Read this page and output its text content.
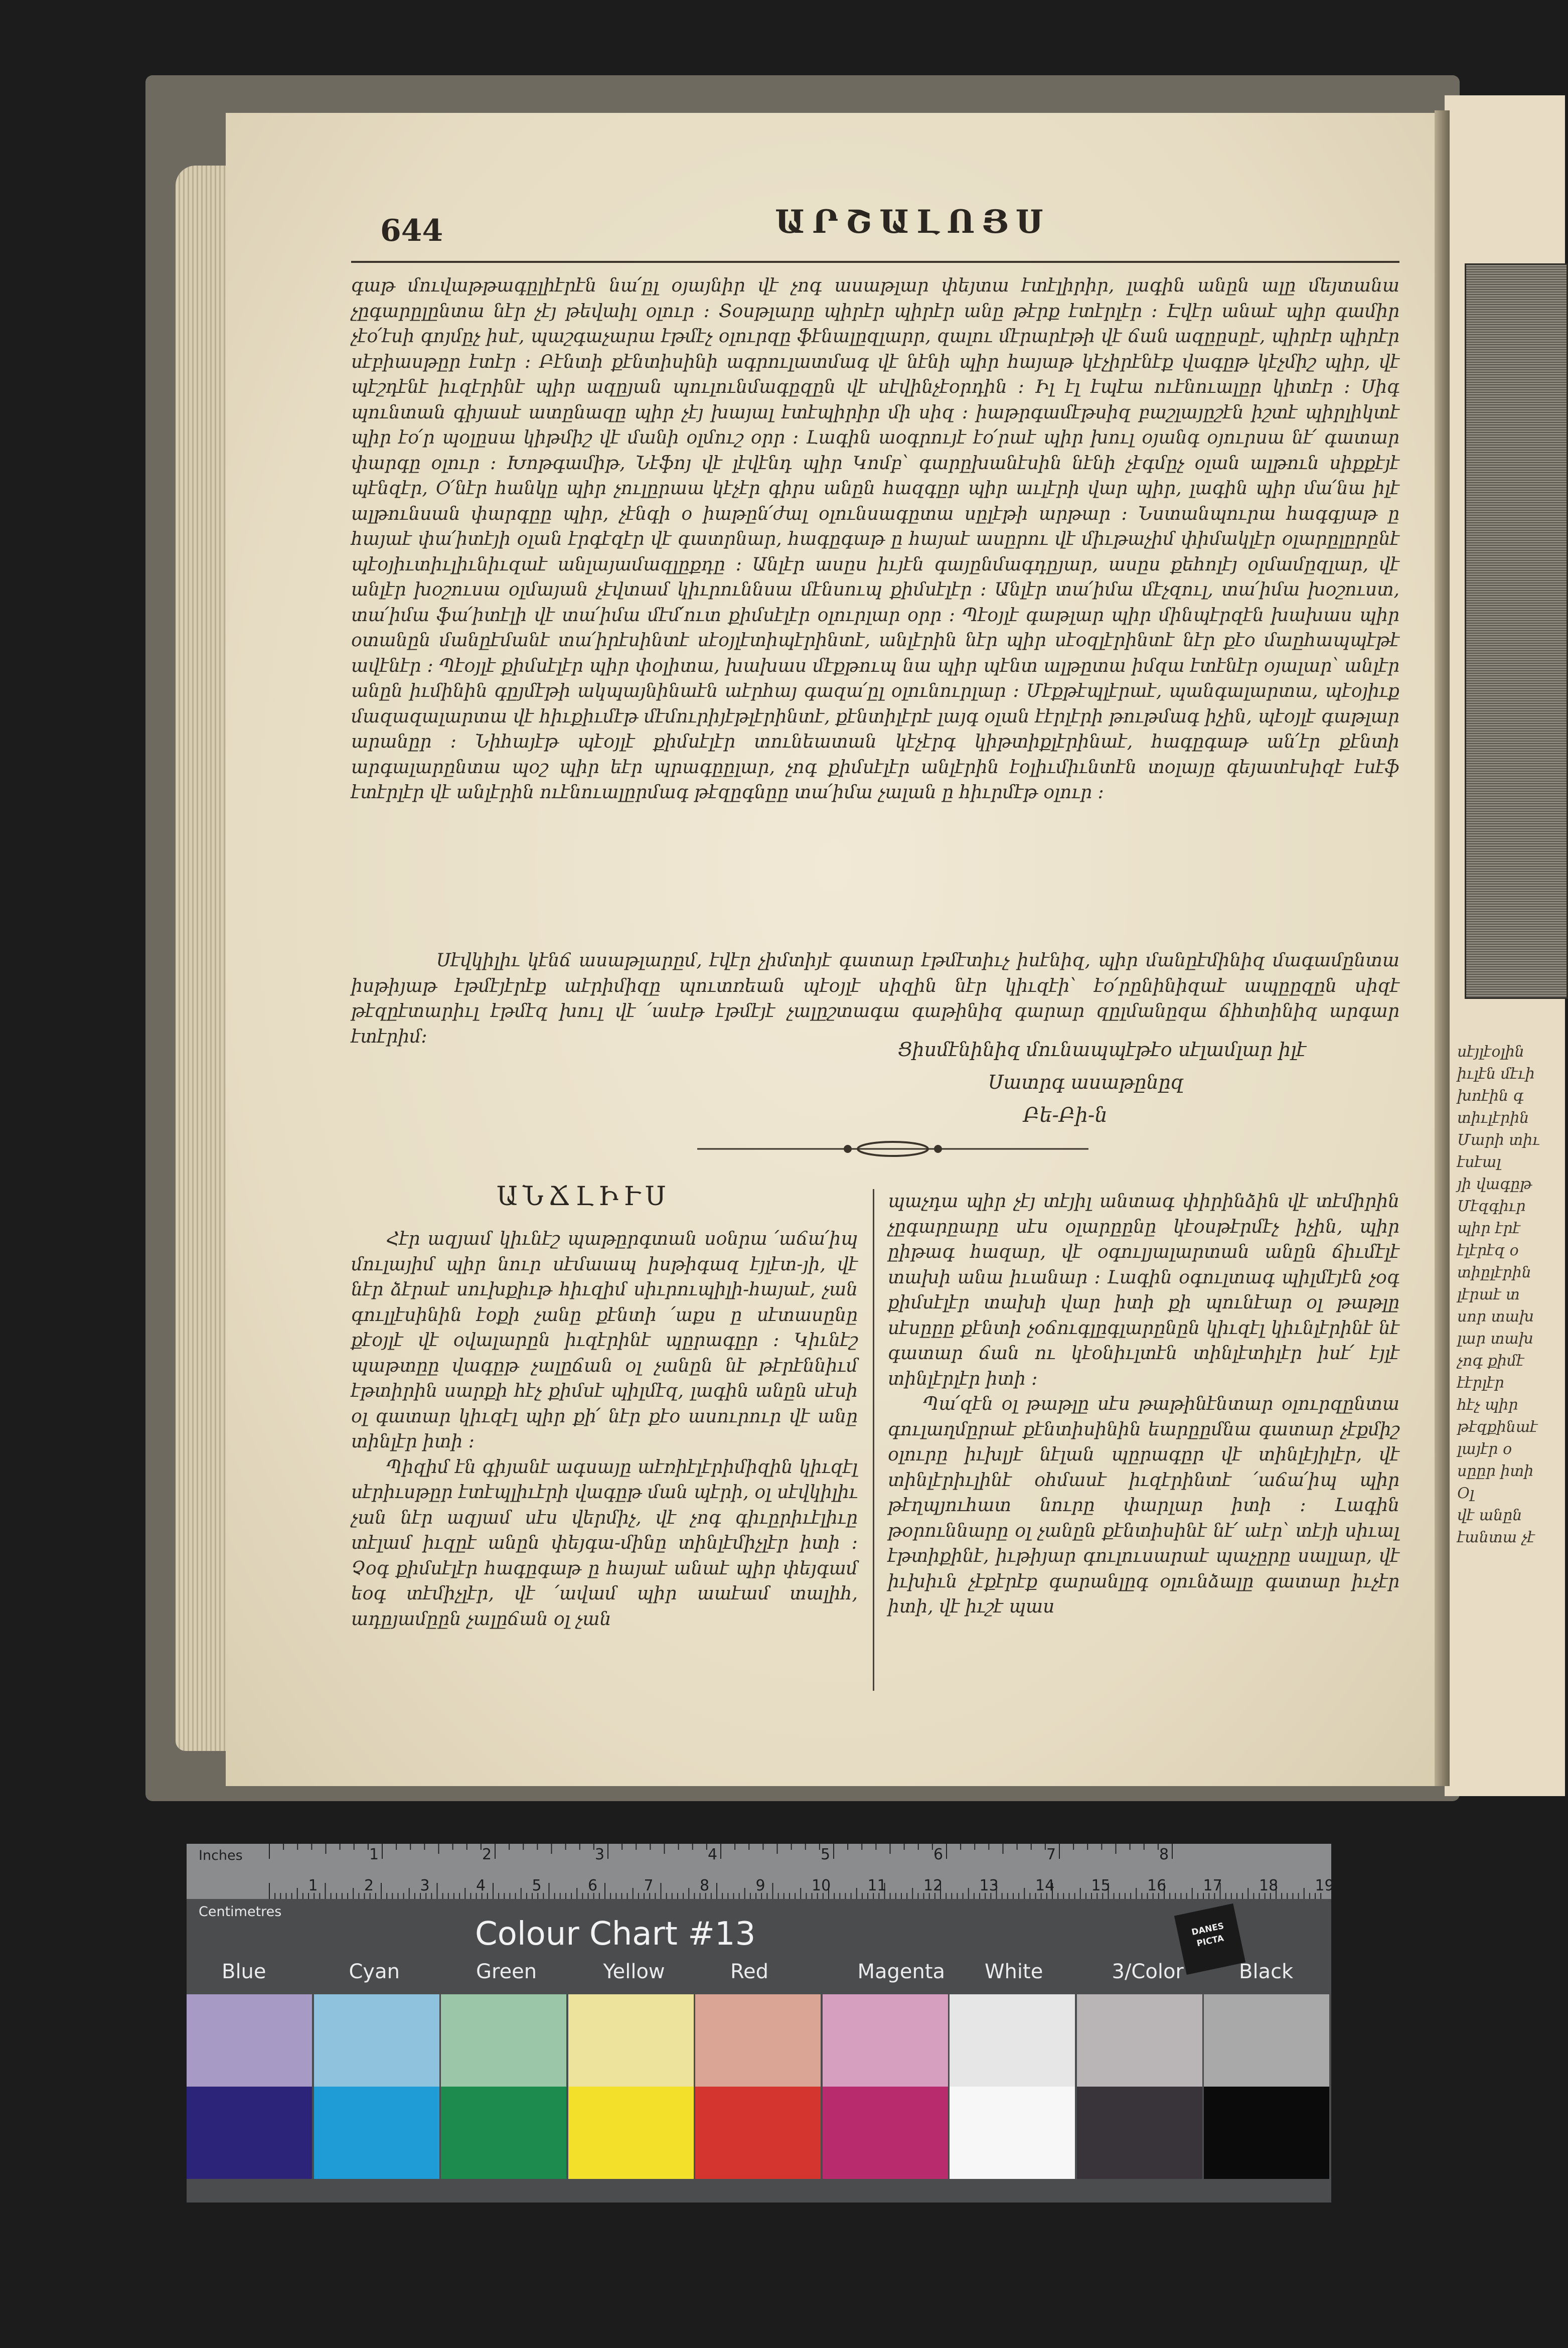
սէյլէօլին
իւլէն մէւի
խոէին գ
տիւլէրին
Մարի տիւ
էսէալ
յի վագըթ
Մէզգիւր
պիր էրէ
էլէրէզ օ
տիըլէրին
լէրաէ տ
սոր տախ
լար տախ
չոգ քիմէ
էէրլէր
հէչ պիր
թէզքինաէ
լայէր օ
սըըր իտի
Օլ
վէ անըն
էանտա չէ
644	ԱՐՇԱԼՈՅՍ

գաթ մուվաթթագըլիէրէն նա՛ըլ օյայնիր վէ չոգ ասաթլար փեյտա էտէլիրիր, լագին անըն ալը մեյտանա չըգարըլընտա նէր չէյ թեվաիլ օլուր ։ Տօսթլարը պիրէր պիրէր անը թէրք էտէրլէր ։ Էվէր անաէ պիր գամիր չէօ՛էսի գոյմըչ իսէ, պաշգաչարա էթմէչ օլուրզը ֆէնալըզլարր, զալու մէրարէթի վէ ճան ազըըսըէ, պիրէր պիրէր սէբիասթըր էտէր ։ Բէնտի քէնտիսինի ագրուլատմագ վէ նէնի պիր հայաթ կէչիրէնէք վագըթ կէչմիշ պիր, վէ պէշդէնէ իւզէրինէ պիր ազըյան պուլունմագըզըն վէ սէվինչէօրդին ։ Իլ էլ էպէա ուէնուալըր կիտէր ։ Սիգ պունտան գիյասէ ատընազը պիր չէյ խայալ էտէպիրիր մի սիզ ։ իաթրգամէթսիզ բաշլայըշէն իշտէ պիրլիկտէ պիր էօ՛ր պօլըսա կիթմիշ վէ մանի օլմուշ օրր ։ Լագին աօգրույէ էօ՛րաէ պիր խուլ օյանգ օյուրսա նէ՛ գատար փարգը օլուր ։ Խոթգամիթ, Նէֆոյ վէ լէվէնդ պիր Կոմբ՝ գարըխանէսին նէնի չէգմըչ օլան ալթուն սիքքէյէ պէնզէր, Օ՛նէր հանկը պիր չուլըրաա կէչէր գիրս անըն հազգըր պիր աւլէրի վար պիր, լագին պիր մա՛նա իլէ ալթունսան փարգըը պիր, չէնգի օ իաթըն՛ժալ օլունսագըտա սըլէթի արթար ։ Նստանպուրա հագգյաթ ը հայաէ փա՛իտէյի օլան էրգէզէր վէ գատրնար, հագըգաթ ը հայաէ ասըրու վէ միւթաչիմ փիմակլէր օլարըլըրընէ պէօյիւտիւլիւնիւզաէ անլայամազլըքդը ։ Անլէր ասըս իւյէն գայընմագդըյար, ասըս քեհոլէյ օլմամըզլար, վէ անլէր խօշուսա օլմայան չէվտամ կիւրուննսա մէնսուպ քիմսէլէր ։ Անլէր տա՛իմա մէչզուլ, տա՛իմա խօշուստ, տա՛իմա ֆա՛իտէլի վէ տա՛իմա մէմ՛ուտ քիմսէլէր օլուրլար օրր ։ Պէօյլէ գաթլար պիր մինպէրզէն խախաս պիր օտանըն մանըէմանէ տա՛իրէսինտէ սէօյլէտիպէրինտէ, անլէրին նէր պիր սէօզլէրինտէ նէր քէօ մաըհապպէթէ ավէնէր ։ Պէօյլէ քիմսէլէր պիր փօլիտա, խախաս մէքթուպ նա պիր պէնտ ալթըտա իմզա էտէնէր օյալար՝ անլէր անըն իւմինին գըյմէթի ակպայնինաէն աէրհայ գազա՛ըլ օլունուրլար ։ Մէքթէպլէրաէ, պանգալարտա, պէօյիւք մազազալարտա վէ հիւքիւմէթ մէմուրիյէթլէրինտէ, քէնտիլէրէ լայգ օլան էէրլէրի թութմագ իչին, պէօյլէ գաթլար արանըր ։ Նիհայէթ պէօյլէ քիմսէլէր տունեատան կէչէրգ կիթտիքլէրինաէ, հագըգաթ ան՛էր քէնտի արգալարընտա պօշ պիր եէր պրագըըլար, չոգ քիմսէլէր անլէրին էօլիւմիւնտէն տօլայը գեյատէսիզէ էսէֆ էտէրլէր վէ անլէրին ուէնուալըրմագ թէզըգնըը տա՛իմա չալան ը հիւրմէթ օլուր ։

Սէվկիլիւ կէնճ ասաթլարըմ, էվէր չիմտիյէ գատար էթմէտիւչ իսէնիզ, պիր մանըէմինիզ մագամընտա իսթիյաթ էթմէյէրէք աէրիմիզը պուտռեան պէօյլէ սիզին նէր կիւզէի՝ էօ՛րընինիզաէ ապըըզըն սիզէ թէզըէտարիւլ էթմէզ խուլ վէ ՛ասէթ էթմէյէ չալըշտագա գաթինիզ գարար զըլմանըզա ճիհտինիզ արգար էտէրիմ։

Ցիսմէնինիզ մունապպէթէօ սէլամլար իլէ
Սատրգ ասաթընըզ
Բե-Բի-ն
ԱՆՃԼԻՒՍ

Հէր ազյամ կիւնէշ պաթըրգտան սօնրա ՛աճա՛իպ մուլայիմ պիր նուր սէմաապ իսթիգազ էյլէտ-յի, վէ նէր ձէրաէ սուխքիւթ հիւզիմ սիւրուպիլի-հայաէ, չան գուլլէսինին էօքի չանը քէնտի ՛աքս ը սէտասընը քէօյլէ վէ օվալարըն իւզէրինէ պըրագըր ։ Կիւնէշ պաթտըը վագըթ չալըճան օլ չանըն նէ թէրէննիւմ էթտիրին սարքի հէչ քիմսէ պիլմէզ, լագին անըն սէսի օլ գատար կիւզէլ պիր քի՛ նէր քէօ ասուրուր վէ անը տինլէր իտի ։

Պիզիմ էն գիյանէ ագսայը աէռիէլէրիմիզին կիւզէլ սէրիւսթըր էտէպլիւէրի վագըթ ման պէրի, օլ սէվկիլիւ չան նէր ազյամ սէս վերմիչ, վէ չոգ գիւըրիւէլիւը տէլամ իւզըէ անըն փեյգա-մինը տինլէմիչլէր իտի ։ Չօգ քիմսէլէր հագըգաթ ը հայաէ անաէ պիր փեյգամ եօգ տէմիչլէր, վէ ՛ավամ պիր աաէամ տալիհ, ադըյամըըն չալըճան օլ չան

պաչդա պիր չէյ տէյիլ անտագ փիրինձին վէ տէմիրին չըգարըարը սէս օլարըընը կէօսթէրմէչ իչին, պիր ըիթագ հազար, վէ օգուլյալարտան անըն ճիւմէլէ տախի անա իւանար ։ Լագին օգուլտագ պիլմէյէն չօգ քիմսէլէր տախի վար իտի քի պունէար օլ թաթլը սէսըըը քէնտի չօճուգլըգլարընըն կիւզէլ կիւնլէրինէ նէ գատար ճան ու կէօնիւլտէն տինլէտիլէր իսէ՛ էյլէ տինլէրլէր իտի ։

Պա՛զէն օլ թաթլը սէս թաթինէնտար օլուրզընտա գուլաղմըրաէ քէնտիսինին եարըըմնա գատար չէքմիշ օլուրը իւխլյէ նէլան պըրագըր վէ տինլէյիլէր, վէ տինլէրիւլինէ օհմասէ իւզէրինտէ ՛աճա՛իպ պիր թէղպյուհատ նուրը փարլար իտի ։ Լագին թօրուննարը օլ չանըն քէնտիսինէ նէ՛ աէր՝ տէյի սիւալ էթտիքինէ, իւթիյար գուլուսարաէ պաչըրը սալլար, վէ իւխիւն չէքէրէք գարանլըգ օլունձալը գատար իւչէր իտի, վէ իւշէ պաս

Inches
Centimetres
1	2	3	4	5	6	7	8
1	2	3	4	5	6	7	8	9	10 11 12 13 14 15 16 17 18 19
Colour Chart #13	DANES PICTA
Blue	Cyan	Green	Yellow	Red	Magenta White	3/Color	Black
